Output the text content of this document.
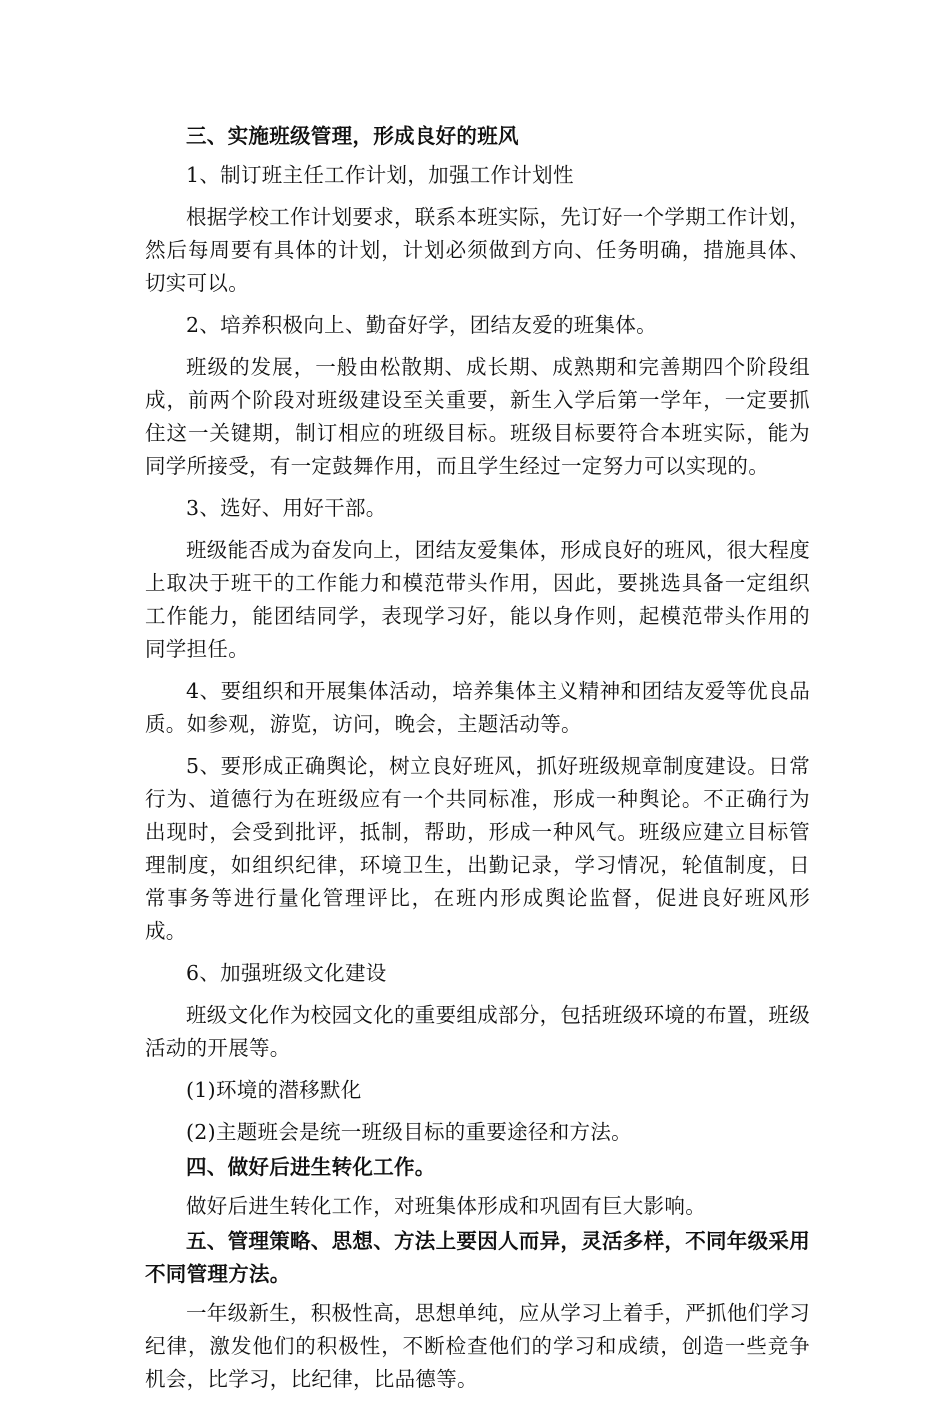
三、实施班级管理，形成良好的班风
1、制订班主任工作计划，加强工作计划性
根据学校工作计划要求，联系本班实际，先订好一个学期工作计划，然后每周要有具体的计划，计划必须做到方向、任务明确，措施具体、切实可以。
2、培养积极向上、勤奋好学，团结友爱的班集体。
班级的发展，一般由松散期、成长期、成熟期和完善期四个阶段组成，前两个阶段对班级建设至关重要，新生入学后第一学年，一定要抓住这一关键期，制订相应的班级目标。班级目标要符合本班实际，能为同学所接受，有一定鼓舞作用，而且学生经过一定努力可以实现的。
3、选好、用好干部。
班级能否成为奋发向上，团结友爱集体，形成良好的班风，很大程度上取决于班干的工作能力和模范带头作用，因此，要挑选具备一定组织工作能力，能团结同学，表现学习好，能以身作则，起模范带头作用的同学担任。
4、要组织和开展集体活动，培养集体主义精神和团结友爱等优良品质。如参观，游览，访问，晚会，主题活动等。
5、要形成正确舆论，树立良好班风，抓好班级规章制度建设。日常行为、道德行为在班级应有一个共同标准，形成一种舆论。不正确行为出现时，会受到批评，抵制，帮助，形成一种风气。班级应建立目标管理制度，如组织纪律，环境卫生，出勤记录，学习情况，轮值制度，日常事务等进行量化管理评比，在班内形成舆论监督，促进良好班风形成。
6、加强班级文化建设
班级文化作为校园文化的重要组成部分，包括班级环境的布置，班级活动的开展等。
(1)环境的潜移默化
(2)主题班会是统一班级目标的重要途径和方法。
四、做好后进生转化工作。
做好后进生转化工作，对班集体形成和巩固有巨大影响。
五、管理策略、思想、方法上要因人而异，灵活多样，不同年级采用不同管理方法。
一年级新生，积极性高，思想单纯，应从学习上着手，严抓他们学习纪律，激发他们的积极性，不断检查他们的学习和成绩，创造一些竞争机会，比学习，比纪律，比品德等。
